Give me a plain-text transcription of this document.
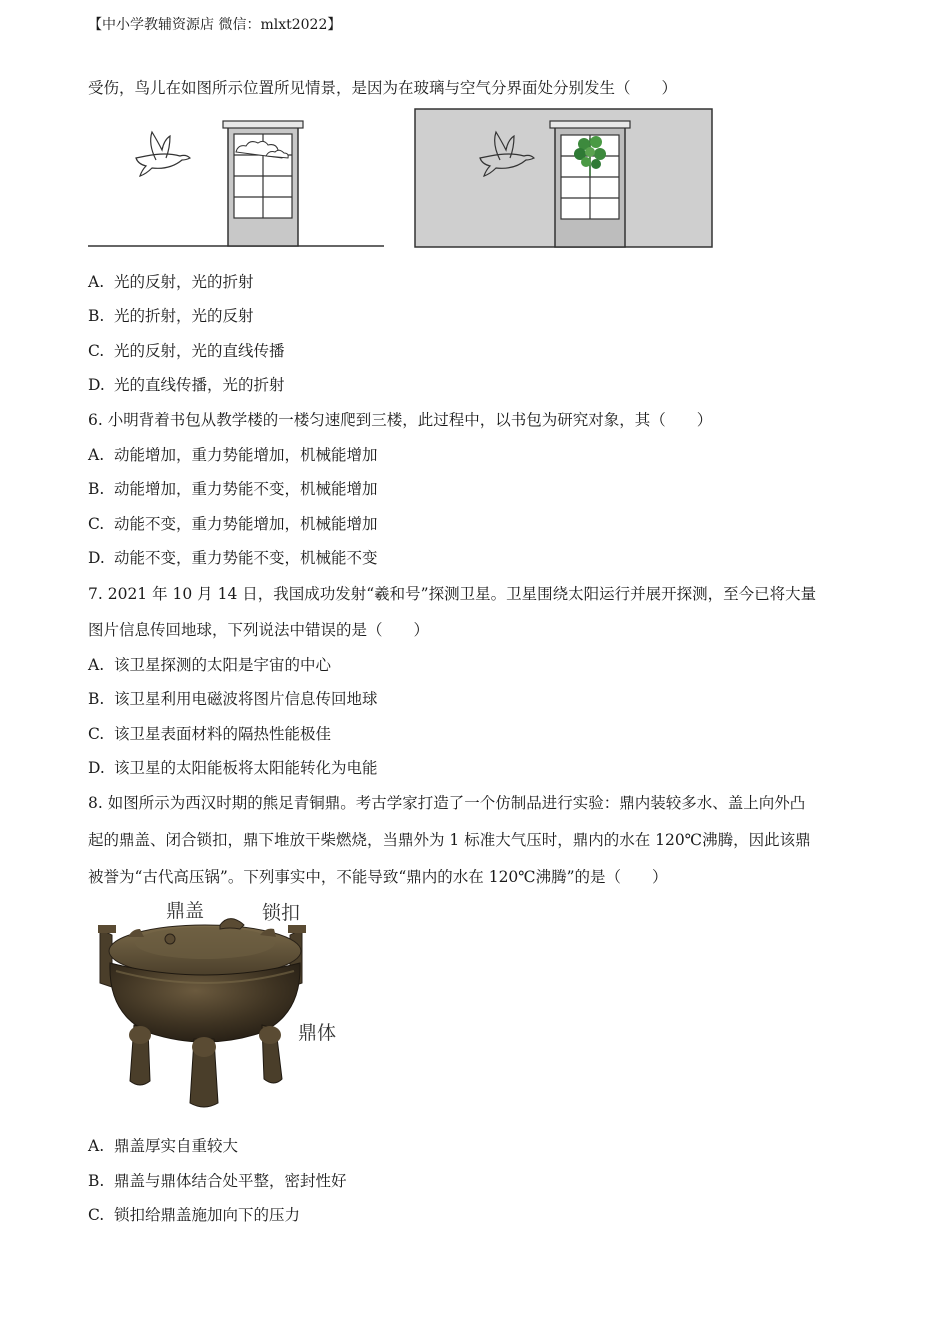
【中小学教辅资源店 微信：mlxt2022】
受伤，鸟儿在如图所示位置所见情景，是因为在玻璃与空气分界面处分别发生（　　）
A. 光的反射，光的折射
B. 光的折射，光的反射
C. 光的反射，光的直线传播
D. 光的直线传播，光的折射
6. 小明背着书包从教学楼的一楼匀速爬到三楼，此过程中，以书包为研究对象，其（　　）
A. 动能增加，重力势能增加，机械能增加
B. 动能增加，重力势能不变，机械能增加
C. 动能不变，重力势能增加，机械能增加
D. 动能不变，重力势能不变，机械能不变
7. 2021 年 10 月 14 日，我国成功发射“羲和号”探测卫星。卫星围绕太阳运行并展开探测，至今已将大量
图片信息传回地球，下列说法中错误的是（　　）
A. 该卫星探测的太阳是宇宙的中心
B. 该卫星利用电磁波将图片信息传回地球
C. 该卫星表面材料的隔热性能极佳
D. 该卫星的太阳能板将太阳能转化为电能
8. 如图所示为西汉时期的熊足青铜鼎。考古学家打造了一个仿制品进行实验：鼎内装较多水、盖上向外凸
起的鼎盖、闭合锁扣，鼎下堆放干柴燃烧，当鼎外为 1 标准大气压时，鼎内的水在 120℃沸腾，因此该鼎
被誉为“古代高压锅”。下列事实中，不能导致“鼎内的水在 120℃沸腾”的是（　　）
鼎盖	锁扣
鼎体
A. 鼎盖厚实自重较大
B. 鼎盖与鼎体结合处平整，密封性好
C. 锁扣给鼎盖施加向下的压力
